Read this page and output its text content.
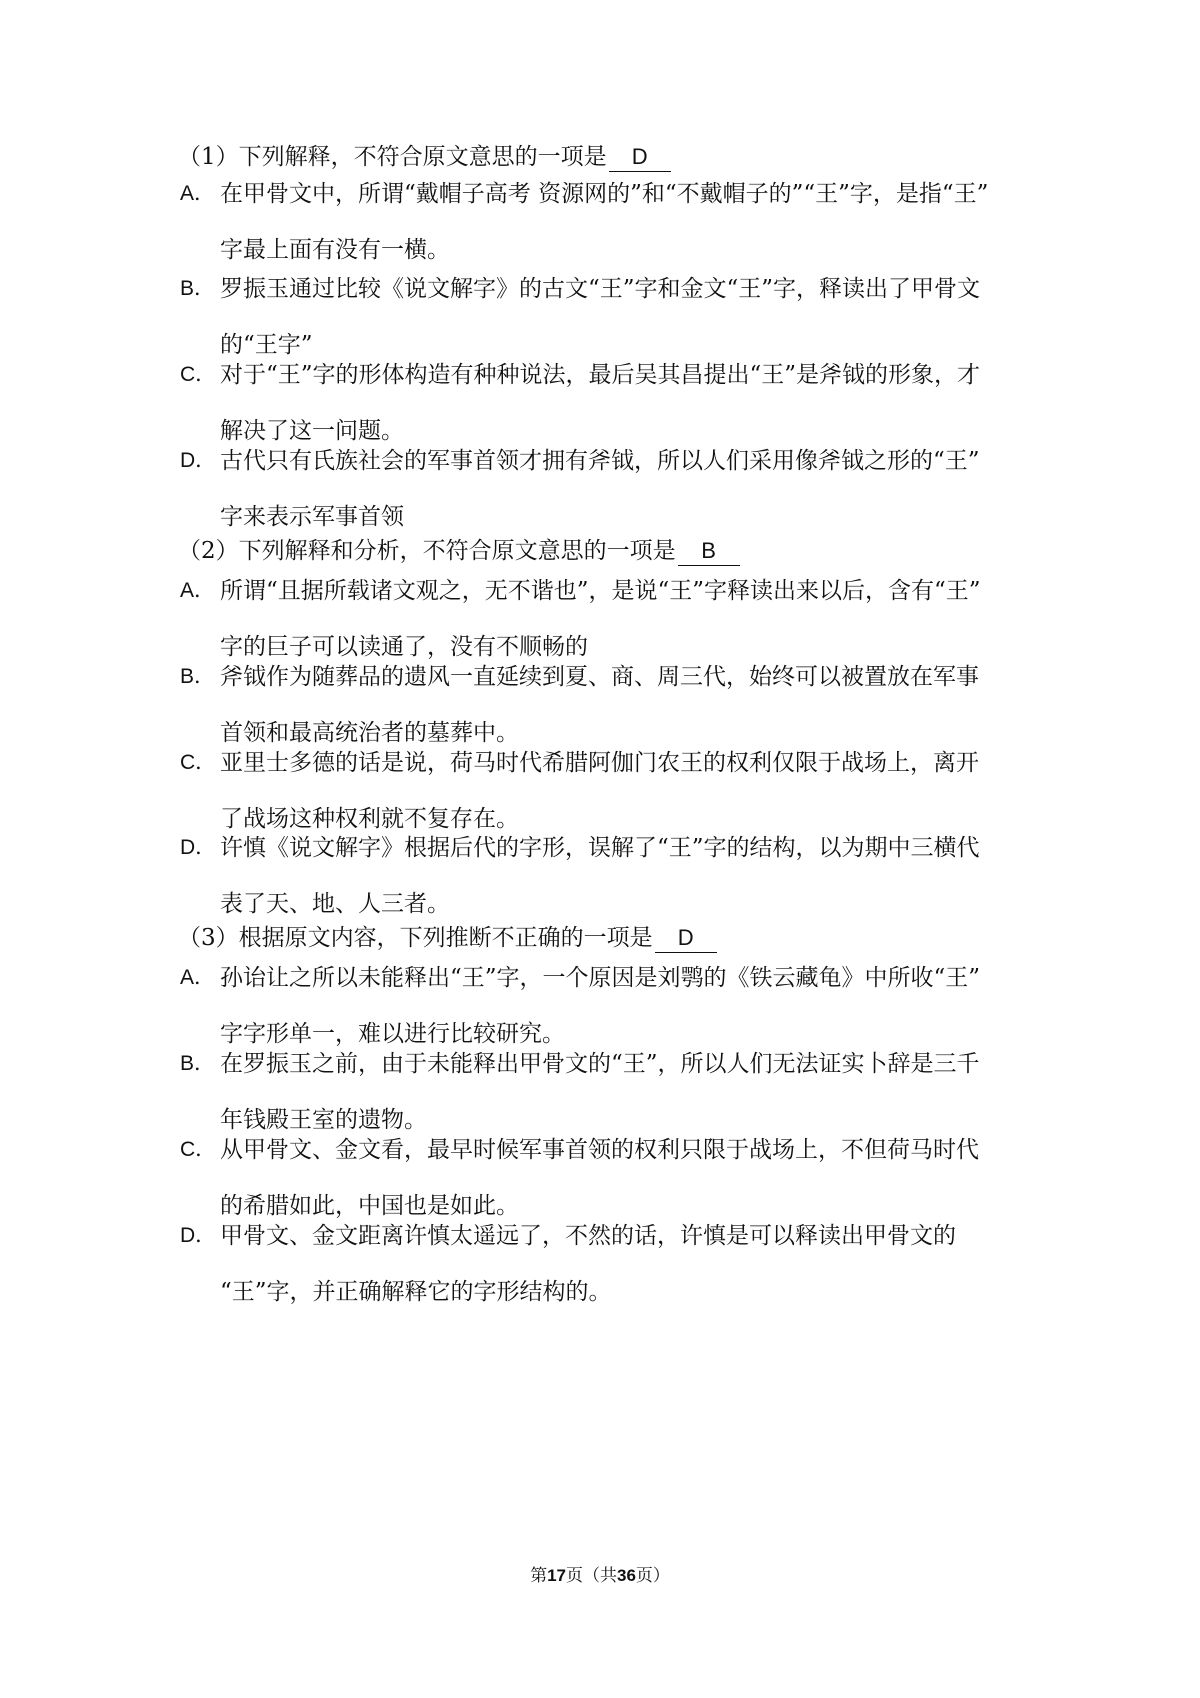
（1）下列解释，不符合原文意思的一项是 D
A． 在甲骨文中，所谓“戴帽子高考 资源网的”和“不戴帽子的”“王”字，是指“王”
字最上面有没有一横。
B． 罗振玉通过比较《说文解字》的古文“王”字和金文“王”字，释读出了甲骨文
的“王字”
C． 对于“王”字的形体构造有种种说法，最后吴其昌提出“王”是斧钺的形象，才
解决了这一问题。
D． 古代只有氏族社会的军事首领才拥有斧钺，所以人们采用像斧钺之形的“王”
字来表示军事首领
（2）下列解释和分析，不符合原文意思的一项是 B
A． 所谓“且据所载诸文观之，无不谐也”，是说“王”字释读出来以后，含有“王”
字的巨子可以读通了，没有不顺畅的
B． 斧钺作为随葬品的遗风一直延续到夏、商、周三代，始终可以被置放在军事
首领和最高统治者的墓葬中。
C． 亚里士多德的话是说，荷马时代希腊阿伽门农王的权利仅限于战场上，离开
了战场这种权利就不复存在。
D． 许慎《说文解字》根据后代的字形，误解了“王”字的结构，以为期中三横代
表了天、地、人三者。
（3）根据原文内容，下列推断不正确的一项是 D
A． 孙诒让之所以未能释出“王”字，一个原因是刘鹗的《铁云藏龟》中所收“王”
字字形单一，难以进行比较研究。
B． 在罗振玉之前，由于未能释出甲骨文的“王”，所以人们无法证实卜辞是三千
年钱殿王室的遗物。
C． 从甲骨文、金文看，最早时候军事首领的权利只限于战场上，不但荷马时代
的希腊如此，中国也是如此。
D． 甲骨文、金文距离许慎太遥远了，不然的话，许慎是可以释读出甲骨文的
“王”字，并正确解释它的字形结构的。
第17页（共36页）
